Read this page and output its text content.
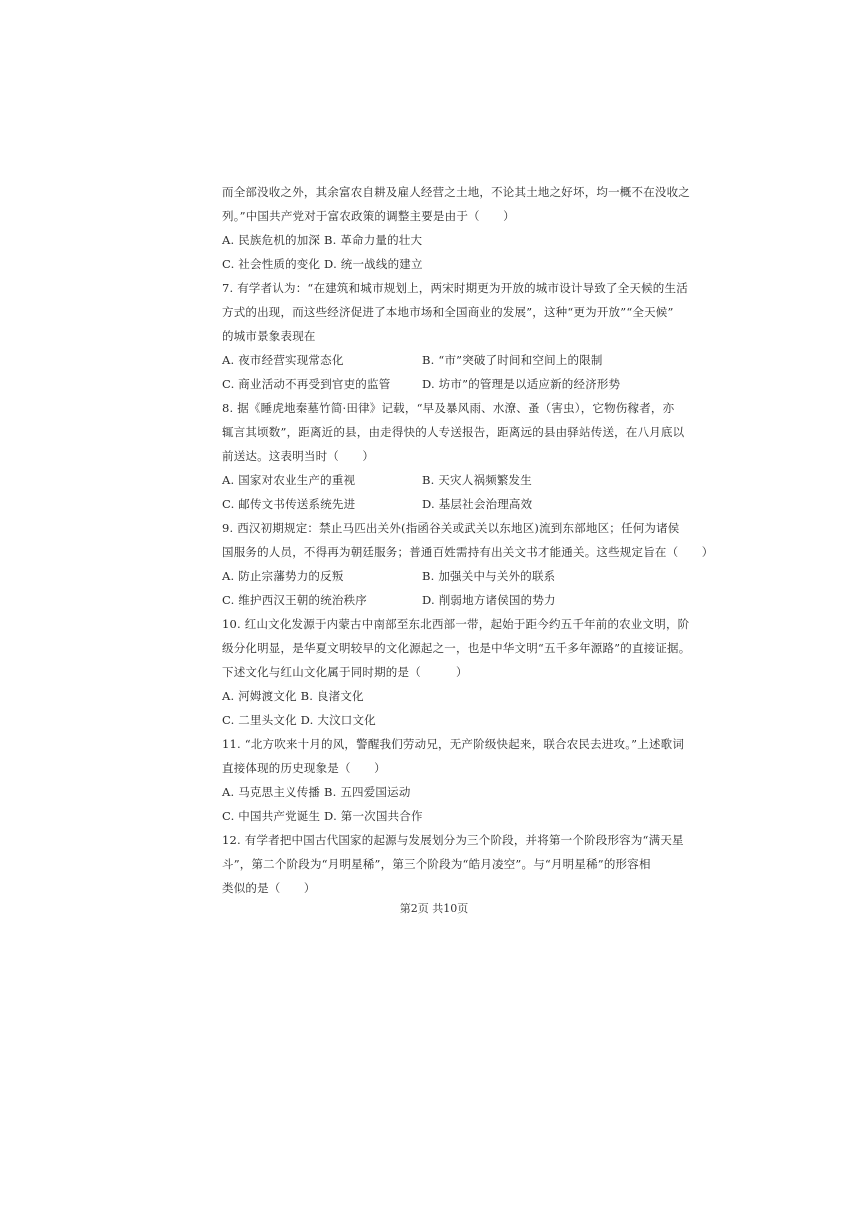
而全部没收之外，其余富农自耕及雇人经营之土地，不论其土地之好坏，均一概不在没收之
列。”中国共产党对于富农政策的调整主要是由于（　　）
A. 民族危机的加深 B. 革命力量的壮大
C. 社会性质的变化 D. 统一战线的建立
7. 有学者认为：“在建筑和城市规划上，两宋时期更为开放的城市设计导致了全天候的生活
方式的出现，而这些经济促进了本地市场和全国商业的发展”，这种“更为开放”“全天候”
的城市景象表现在
A. 夜市经营实现常态化	B. “市”突破了时间和空间上的限制
C. 商业活动不再受到官吏的监管	D. 坊市”的管理是以适应新的经济形势
8. 据《睡虎地秦墓竹简·田律》记载，“早及暴风雨、水潦、蚤（害虫），它物伤稼者，亦
辄言其顷数”，距离近的县，由走得快的人专送报告，距离远的县由驿站传送，在八月底以
前送达。这表明当时（　　）
A. 国家对农业生产的重视	B. 天灾人祸频繁发生
C. 邮传文书传送系统先进	D. 基层社会治理高效
9. 西汉初期规定：禁止马匹出关外(指函谷关或武关以东地区)流到东部地区；任何为诸侯
国服务的人员，不得再为朝廷服务；普通百姓需持有出关文书才能通关。这些规定旨在（　　）
A. 防止宗藩势力的反叛	B. 加强关中与关外的联系
C. 维护西汉王朝的统治秩序	D. 削弱地方诸侯国的势力
10. 红山文化发源于内蒙古中南部至东北西部一带，起始于距今约五千年前的农业文明，阶
级分化明显，是华夏文明较早的文化源起之一，也是中华文明“五千多年源路”的直接证据。
下述文化与红山文化属于同时期的是（　　　）
A. 河姆渡文化 B. 良渚文化
C. 二里头文化 D. 大汶口文化
11. “北方吹来十月的风，警醒我们劳动兄，无产阶级快起来，联合农民去进攻。”上述歌词
直接体现的历史现象是（　　）
A. 马克思主义传播 B. 五四爱国运动
C. 中国共产党诞生 D. 第一次国共合作
12. 有学者把中国古代国家的起源与发展划分为三个阶段，并将第一个阶段形容为“满天星
斗”，第二个阶段为“月明星稀”，第三个阶段为“皓月凌空”。与“月明星稀”的形容相
类似的是（　　）
第2页 共10页
